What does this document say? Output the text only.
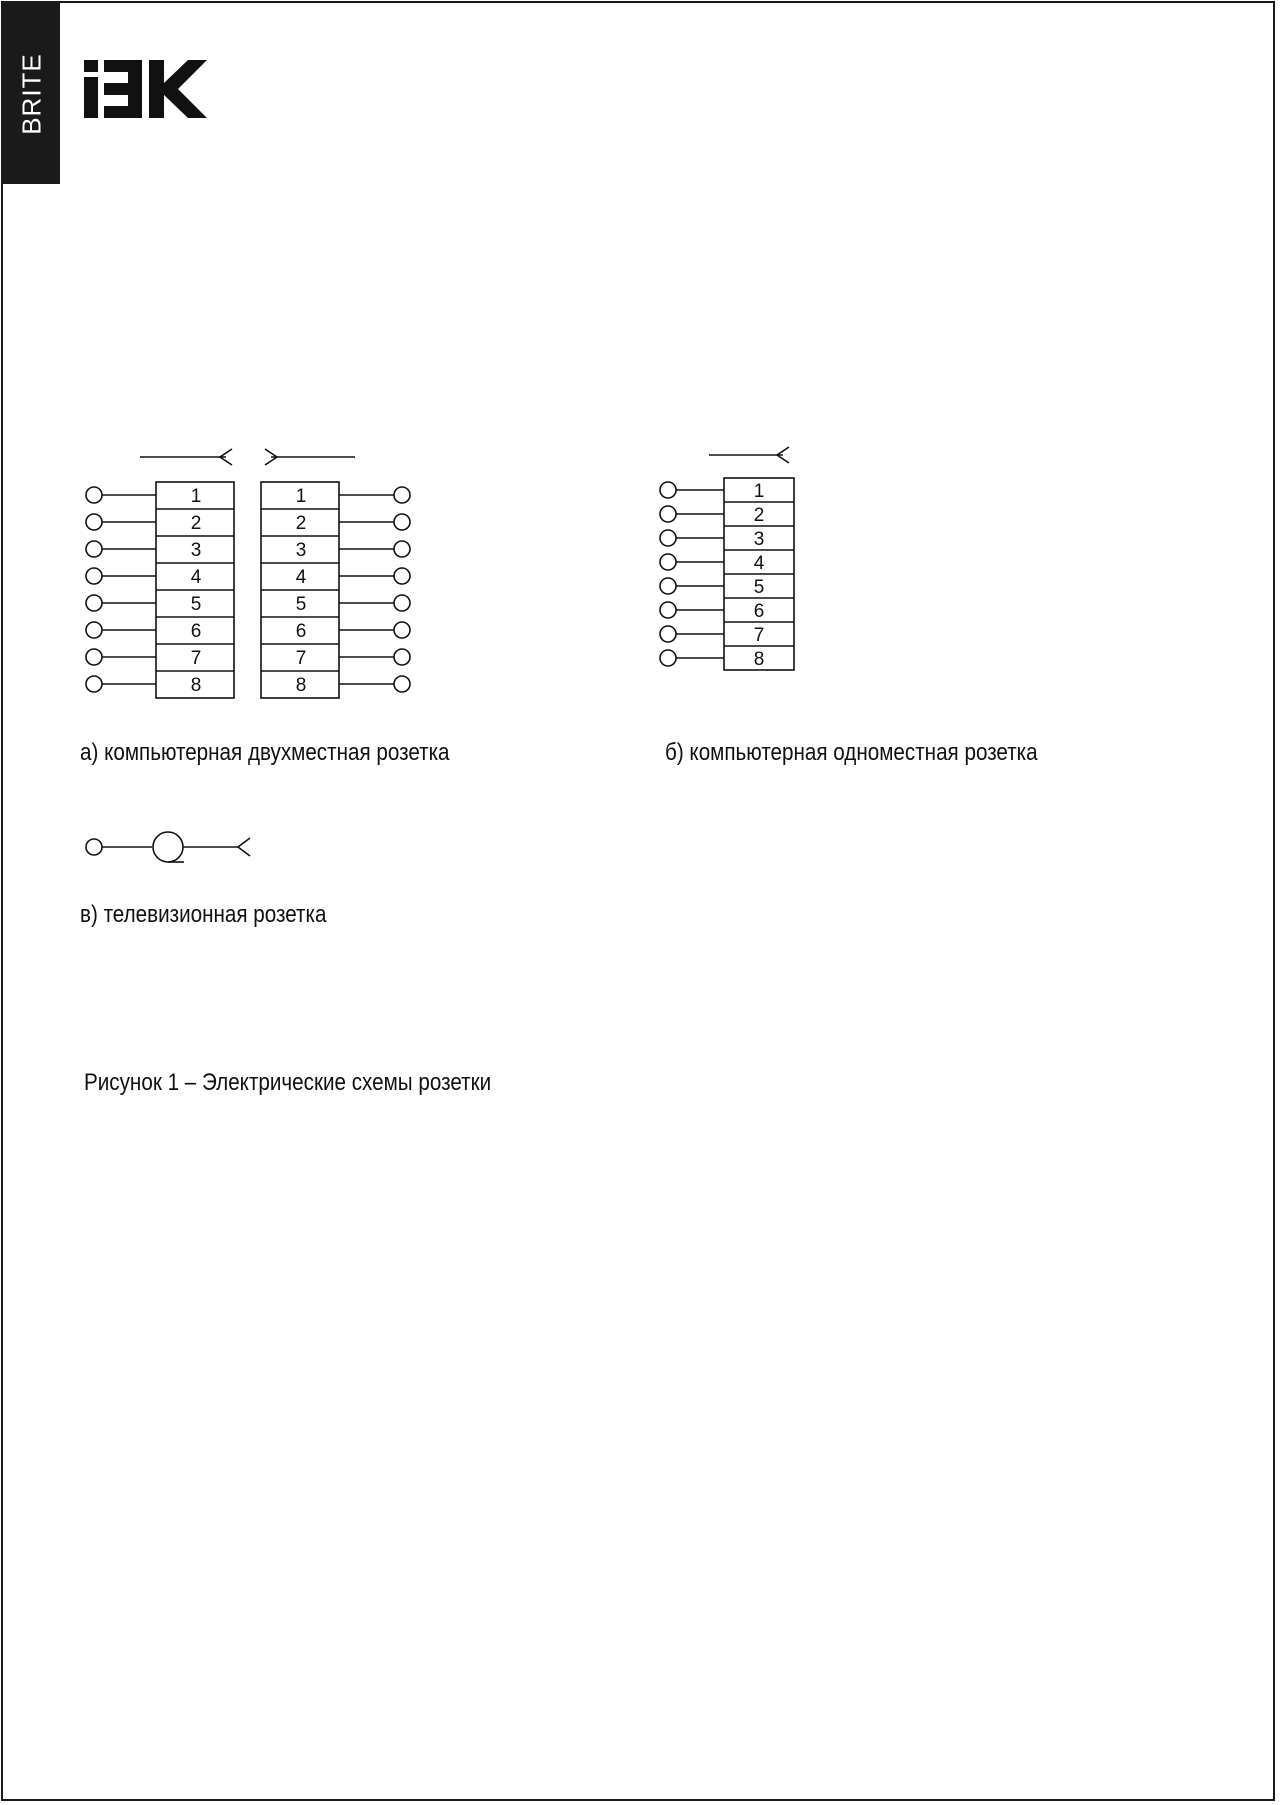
BRITE
1
2
3
4
5
6
7
8
1
2
3
4
5
6
7
8
1
2
3
4
5
6
7
8
а) компьютерная двухместная розетка	б) компьютерная одноместная розетка
в) телевизионная розетка
Рисунок 1 – Электрические схемы розетки
